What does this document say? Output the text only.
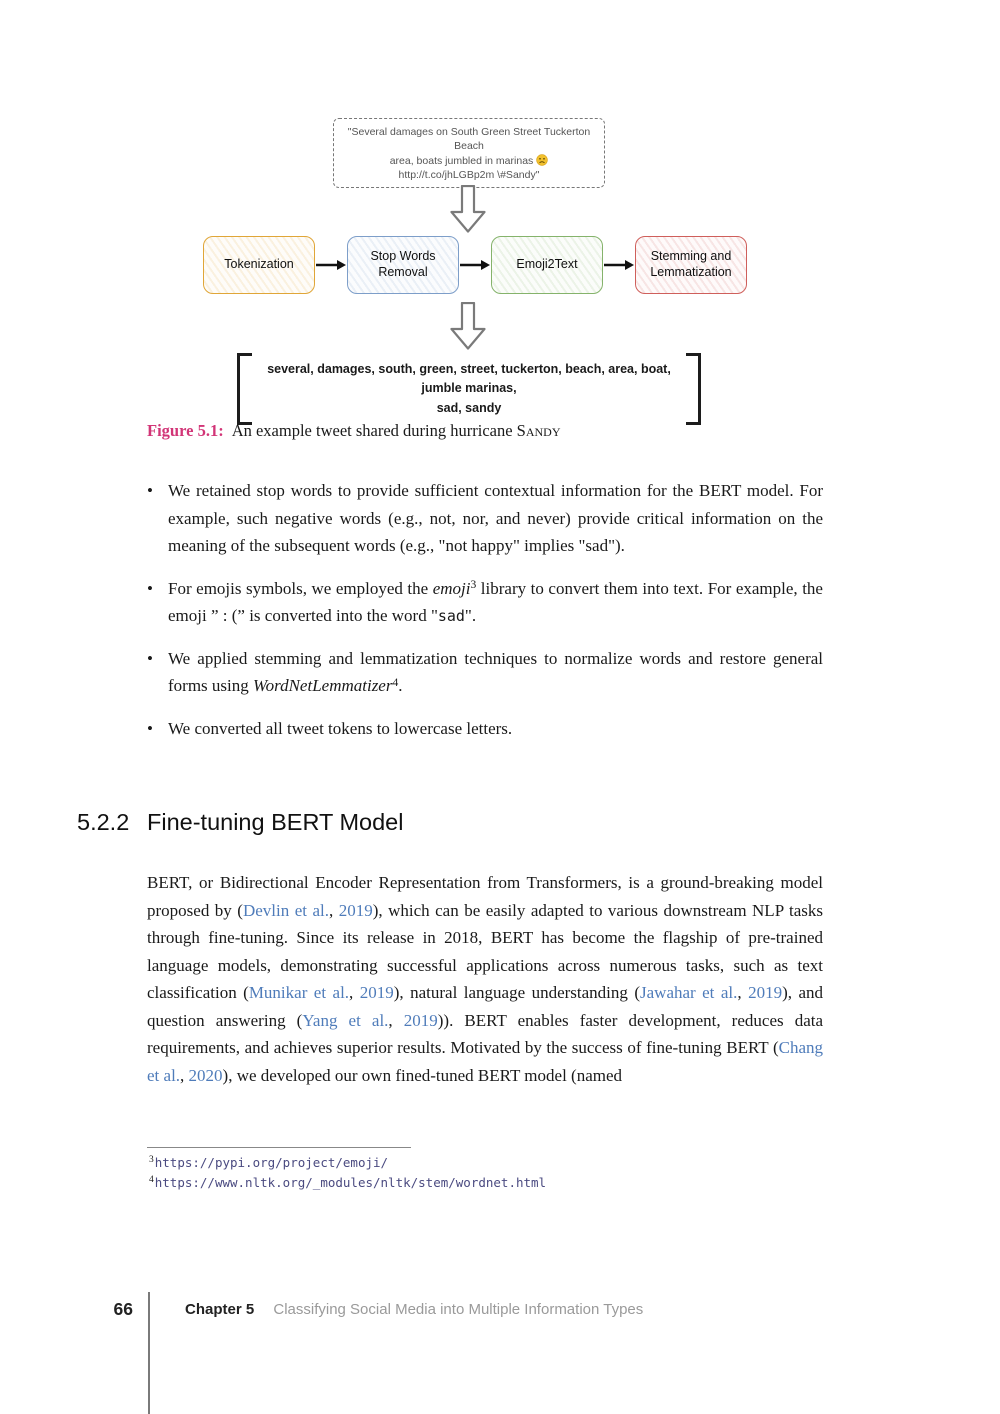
"Several damages on South Green Street Tuckerton Beach
area, boats jumbled in marinas
http://t.co/jhLGBp2m \#Sandy"
Tokenization
Stop Words Removal
Emoji2Text
Stemming and Lemmatization
several, damages, south, green, street, tuckerton, beach, area, boat, jumble marinas,
sad, sandy
Figure 5.1: An example tweet shared during hurricane Sandy
• We retained stop words to provide sufficient contextual information for the BERT model. For example, such negative words (e.g., not, nor, and never) provide critical information on the meaning of the subsequent words (e.g., "not happy" implies "sad").
• For emojis symbols, we employed the emoji$^3$ library to convert them into text. For example, the emoji ” : (” is converted into the word "sad".
• We applied stemming and lemmatization techniques to normalize words and restore general forms using WordNetLemmatizer$^4$.
• We converted all tweet tokens to lowercase letters.
5.2.2 Fine-tuning BERT Model
BERT, or Bidirectional Encoder Representation from Transformers, is a ground-breaking model proposed by (Devlin et al., 2019), which can be easily adapted to various downstream NLP tasks through fine-tuning. Since its release in 2018, BERT has become the flagship of pre-trained language models, demonstrating successful applications across numerous tasks, such as text classification (Munikar et al., 2019), natural language understanding (Jawahar et al., 2019), and question answering (Yang et al., 2019)). BERT enables faster development, reduces data requirements, and achieves superior results. Motivated by the success of fine-tuning BERT (Chang et al., 2020), we developed our own fined-tuned BERT model (named
$^3$https://pypi.org/project/emoji/
$^4$https://www.nltk.org/_modules/nltk/stem/wordnet.html
66	Chapter 5 Classifying Social Media into Multiple Information Types
